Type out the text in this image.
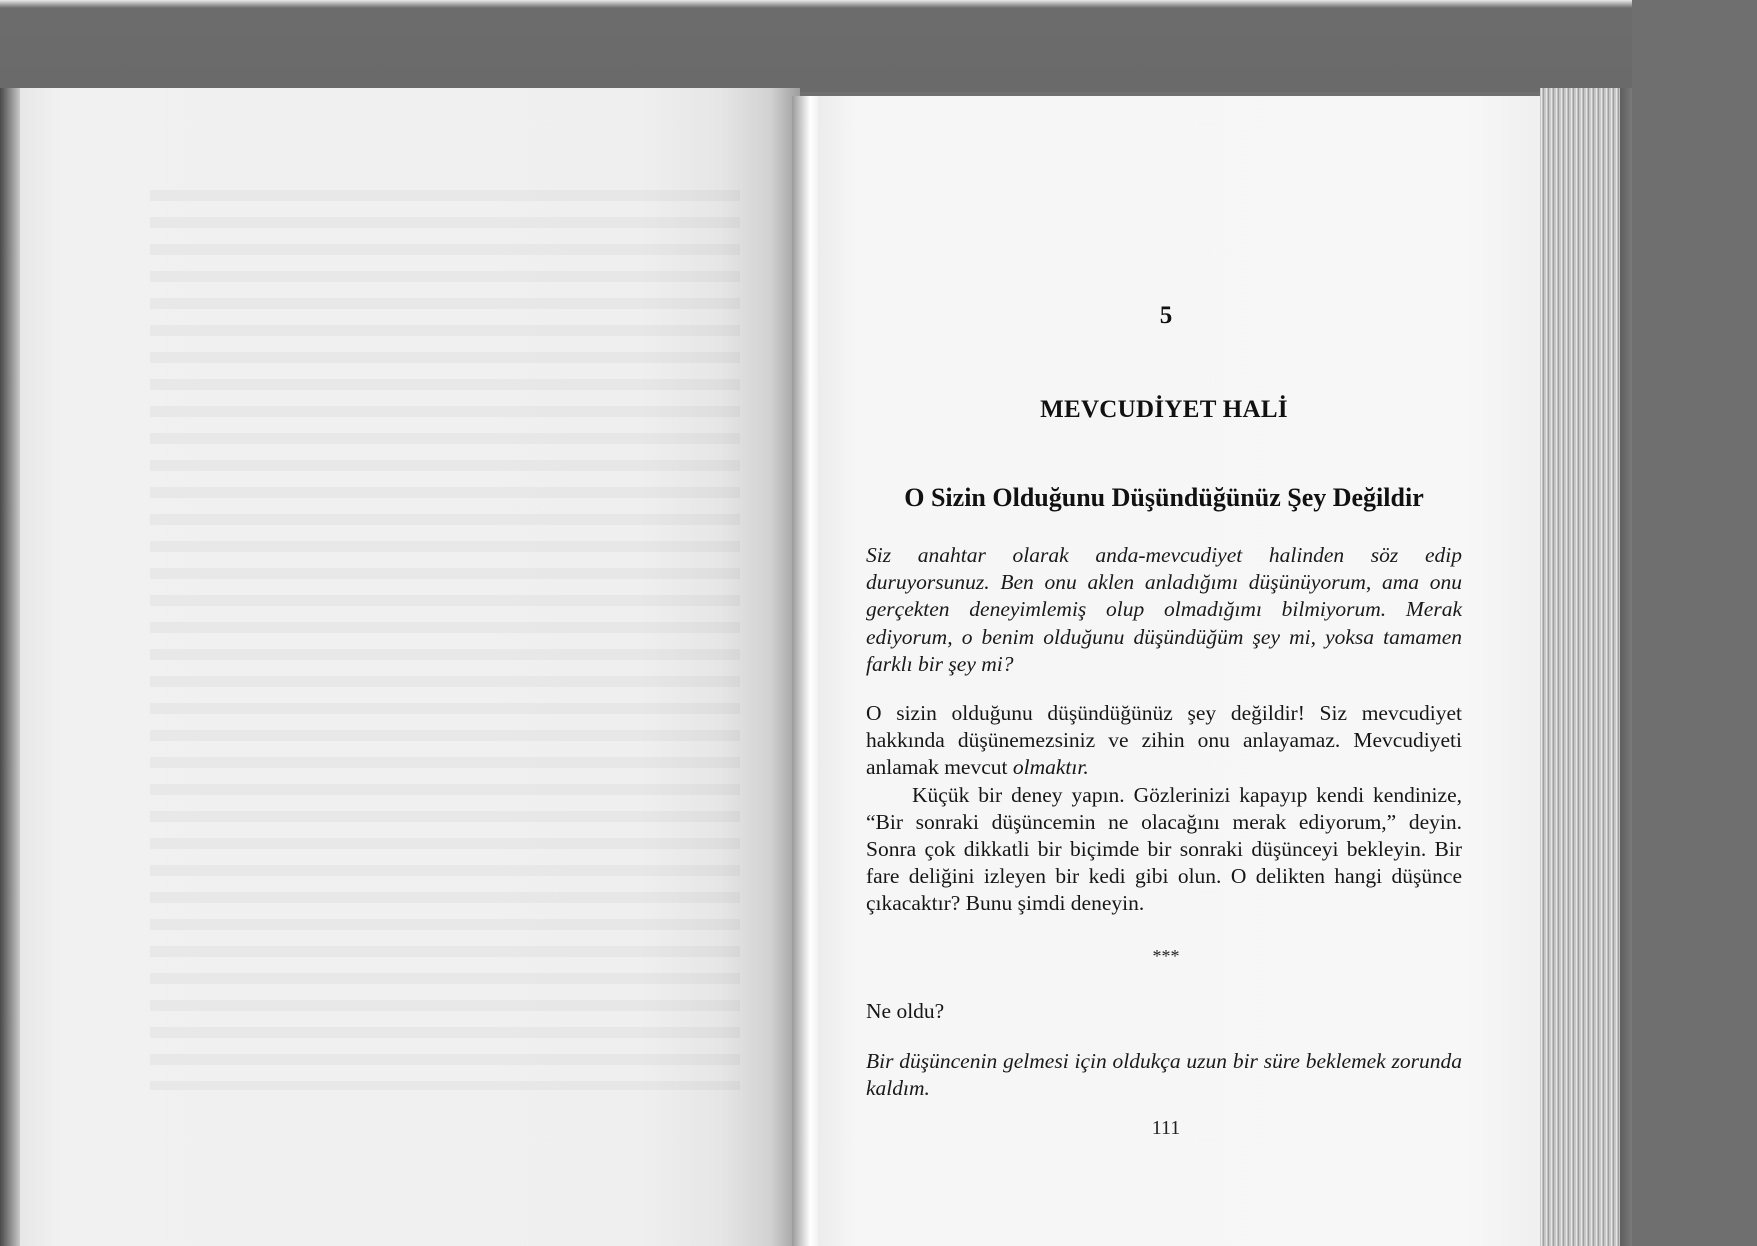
5
MEVCUDİYET HALİ
O Sizin Olduğunu Düşündüğünüz Şey Değildir
Siz anahtar olarak anda-mevcudiyet halinden söz edip duruyorsunuz. Ben onu aklen anladığımı düşünüyorum, ama onu gerçekten deneyimlemiş olup olmadığımı bilmiyorum. Merak ediyorum, o benim olduğunu düşündüğüm şey mi, yoksa tamamen farklı bir şey mi?

O sizin olduğunu düşündüğünüz şey değildir! Siz mevcudiyet hakkında düşünemezsiniz ve zihin onu anlayamaz. Mevcudiyeti anlamak mevcut olmaktır.

Küçük bir deney yapın. Gözlerinizi kapayıp kendi kendinize, “Bir sonraki düşüncemin ne olacağını merak ediyorum,” deyin. Sonra çok dikkatli bir biçimde bir sonraki düşünceyi bekleyin. Bir fare deliğini izleyen bir kedi gibi olun. O delikten hangi düşünce çıkacaktır? Bunu şimdi deneyin.

***
Ne oldu?
Bir düşüncenin gelmesi için oldukça uzun bir süre beklemek zorunda kaldım.
111
